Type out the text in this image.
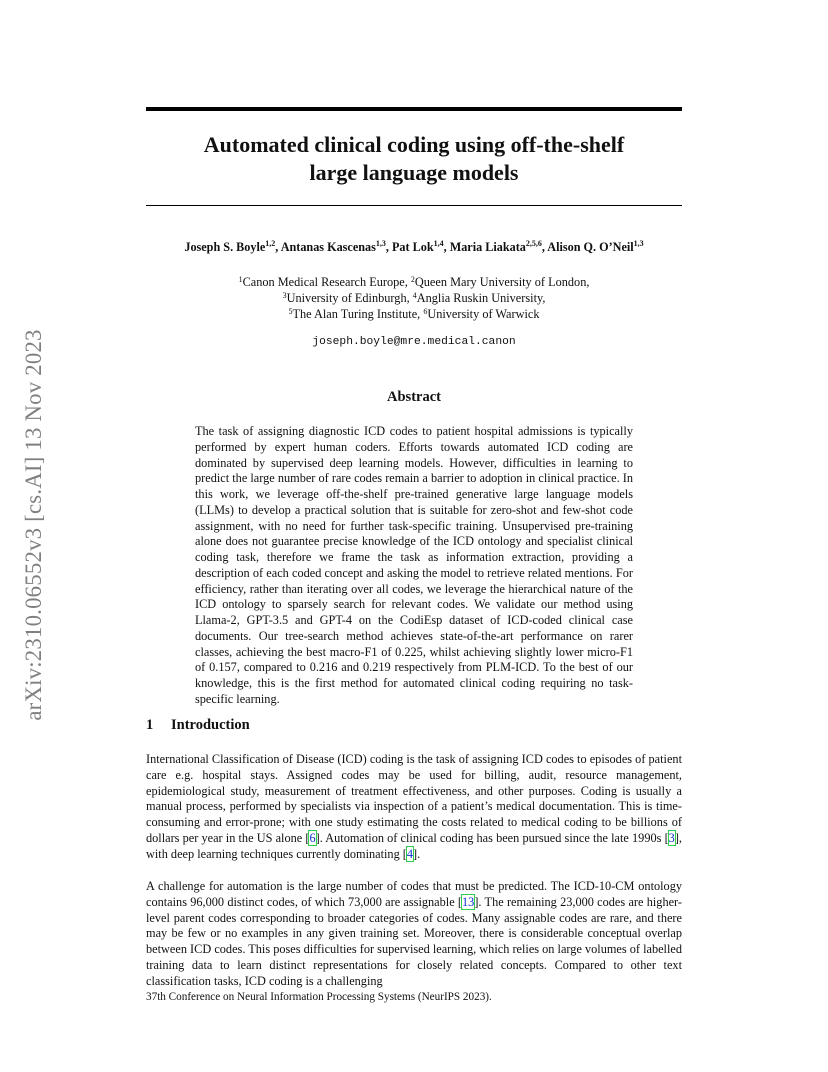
arXiv:2310.06552v3 [cs.AI] 13 Nov 2023
Automated clinical coding using off-the-shelf
large language models
Joseph S. Boyle$^{1,2}$, Antanas Kascenas$^{1,3}$, Pat Lok$^{1,4}$, Maria Liakata$^{2,5,6}$, Alison Q. O’Neil$^{1,3}$
$^1$Canon Medical Research Europe, $^2$Queen Mary University of London,
$^3$University of Edinburgh, $^4$Anglia Ruskin University,
$^5$The Alan Turing Institute, $^6$University of Warwick
joseph.boyle@mre.medical.canon
Abstract
The task of assigning diagnostic ICD codes to patient hospital admissions is typically performed by expert human coders. Efforts towards automated ICD coding are dominated by supervised deep learning models. However, difficulties in learning to predict the large number of rare codes remain a barrier to adoption in clinical practice. In this work, we leverage off-the-shelf pre-trained generative large language models (LLMs) to develop a practical solution that is suitable for zero-shot and few-shot code assignment, with no need for further task-specific training. Unsupervised pre-training alone does not guarantee precise knowledge of the ICD ontology and specialist clinical coding task, therefore we frame the task as information extraction, providing a description of each coded concept and asking the model to retrieve related mentions. For efficiency, rather than iterating over all codes, we leverage the hierarchical nature of the ICD ontology to sparsely search for relevant codes. We validate our method using Llama-2, GPT-3.5 and GPT-4 on the CodiEsp dataset of ICD-coded clinical case documents. Our tree-search method achieves state-of-the-art performance on rarer classes, achieving the best macro-F1 of 0.225, whilst achieving slightly lower micro-F1 of 0.157, compared to 0.216 and 0.219 respectively from PLM-ICD. To the best of our knowledge, this is the first method for automated clinical coding requiring no task-specific learning.
1 Introduction
International Classification of Disease (ICD) coding is the task of assigning ICD codes to episodes of patient care e.g. hospital stays. Assigned codes may be used for billing, audit, resource management, epidemiological study, measurement of treatment effectiveness, and other purposes. Coding is usually a manual process, performed by specialists via inspection of a patient’s medical documentation. This is time-consuming and error-prone; with one study estimating the costs related to medical coding to be billions of dollars per year in the US alone [6]. Automation of clinical coding has been pursued since the late 1990s [3], with deep learning techniques currently dominating [4].
A challenge for automation is the large number of codes that must be predicted. The ICD-10-CM ontology contains 96,000 distinct codes, of which 73,000 are assignable [13]. The remaining 23,000 codes are higher-level parent codes corresponding to broader categories of codes. Many assignable codes are rare, and there may be few or no examples in any given training set. Moreover, there is considerable conceptual overlap between ICD codes. This poses difficulties for supervised learning, which relies on large volumes of labelled training data to learn distinct representations for closely related concepts. Compared to other text classification tasks, ICD coding is a challenging
37th Conference on Neural Information Processing Systems (NeurIPS 2023).
